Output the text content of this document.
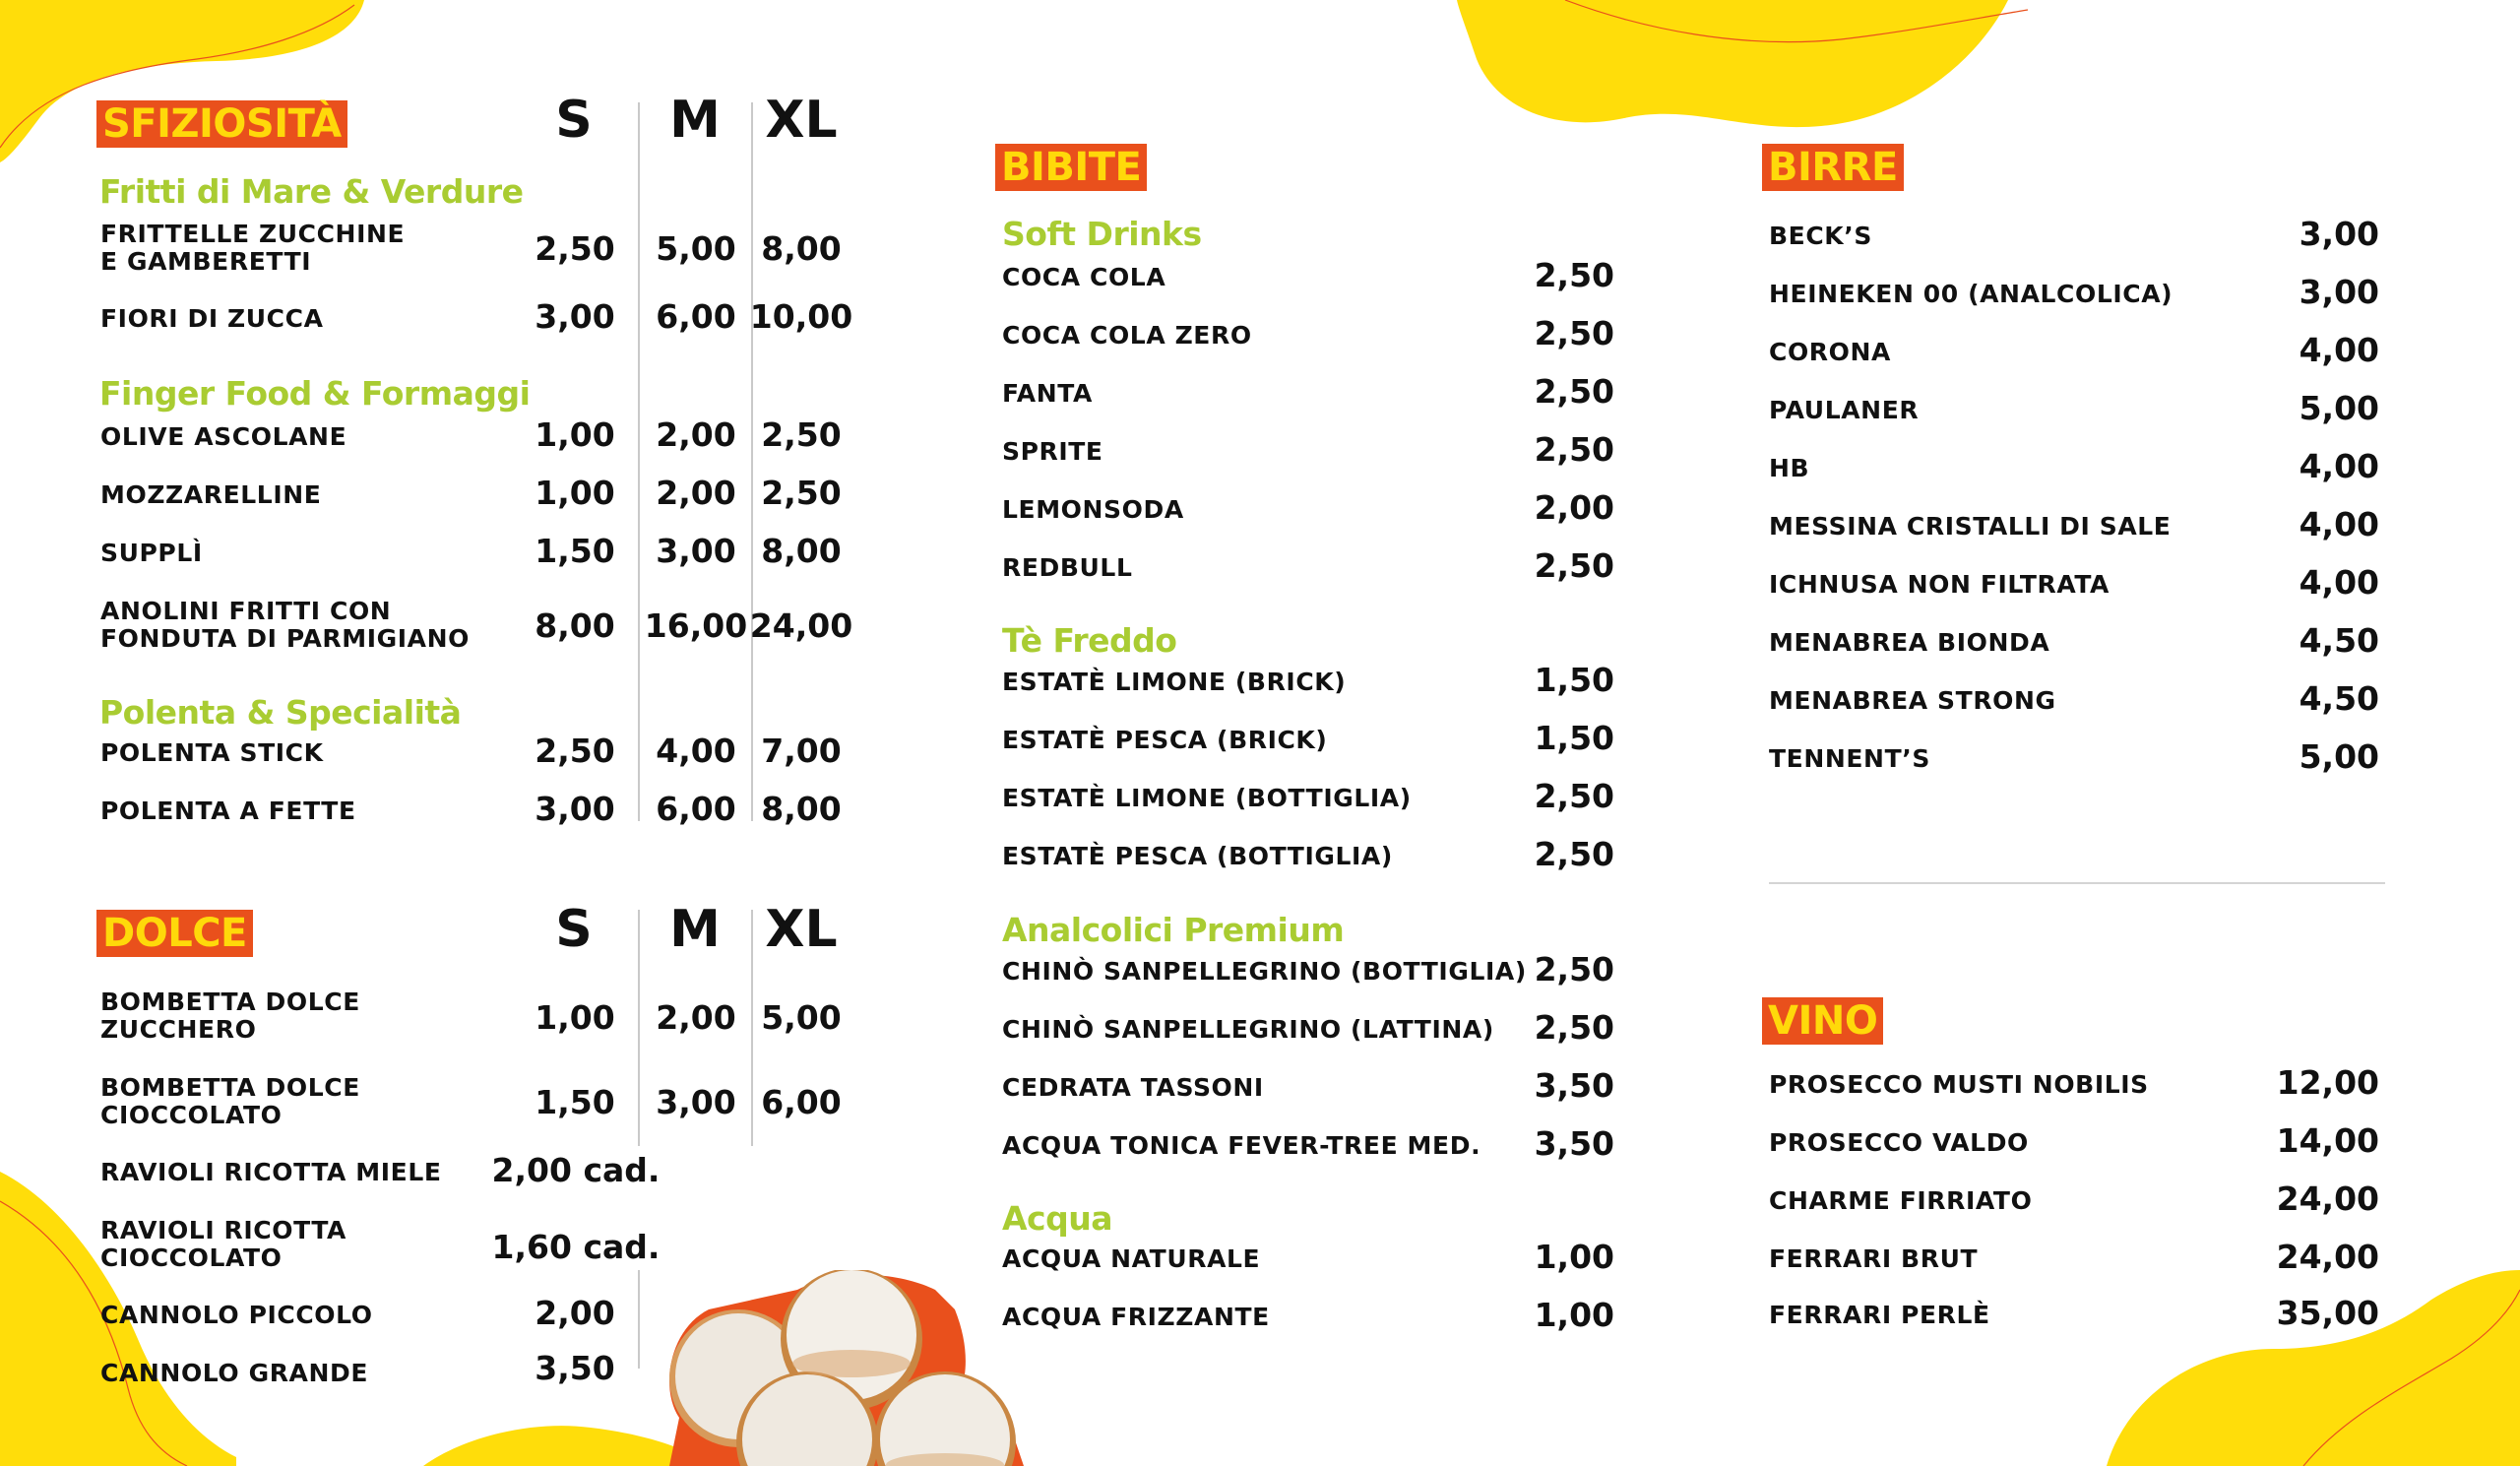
SFIZIOSITÀ	S	M XL
Fritti di Mare & Verdure
FRITTELLE ZUCCHINE
E GAMBERETTI	2,50	5,00 8,00
FIORI DI ZUCCA	3,00	6,00 10,00
Finger Food & Formaggi
OLIVE ASCOLANE	1,00	2,00 2,50
MOZZARELLINE	1,00	2,00 2,50
SUPPLÌ	1,50	3,00 8,00
ANOLINI FRITTI CON
FONDUTA DI PARMIGIANO	8,00 16,00 24,00
Polenta & Specialità
POLENTA STICK	2,50	4,00 7,00
POLENTA A FETTE	3,00	6,00 8,00
DOLCE	S	M XL
BOMBETTA DOLCE
ZUCCHERO	1,00	2,00 5,00
BOMBETTA DOLCE
CIOCCOLATO	1,50	3,00 6,00
RAVIOLI RICOTTA MIELE	2,00 cad.
RAVIOLI RICOTTA
CIOCCOLATO	1,60 cad.
CANNOLO PICCOLO	2,00
CANNOLO GRANDE	3,50
BIBITE
Soft Drinks
COCA COLA	2,50
COCA COLA ZERO	2,50
FANTA	2,50
SPRITE	2,50
LEMONSODA	2,00
REDBULL	2,50
Tè Freddo
ESTATÈ LIMONE (BRICK)	1,50
ESTATÈ PESCA (BRICK)	1,50
ESTATÈ LIMONE (BOTTIGLIA)	2,50
ESTATÈ PESCA (BOTTIGLIA)	2,50
Analcolici Premium
CHINÒ SANPELLEGRINO (BOTTIGLIA) 2,50
CHINÒ SANPELLEGRINO (LATTINA)	2,50
CEDRATA TASSONI	3,50
ACQUA TONICA FEVER-TREE MED.	3,50
Acqua
ACQUA NATURALE	1,00
ACQUA FRIZZANTE	1,00
BIRRE
BECK’S	3,00
HEINEKEN 00 (ANALCOLICA)	3,00
CORONA	4,00
PAULANER	5,00
HB	4,00
MESSINA CRISTALLI DI SALE	4,00
ICHNUSA NON FILTRATA	4,00
MENABREA BIONDA	4,50
MENABREA STRONG	4,50
TENNENT’S	5,00
VINO
PROSECCO MUSTI NOBILIS	12,00
PROSECCO VALDO	14,00
CHARME FIRRIATO	24,00
FERRARI BRUT	24,00
FERRARI PERLÈ	35,00
